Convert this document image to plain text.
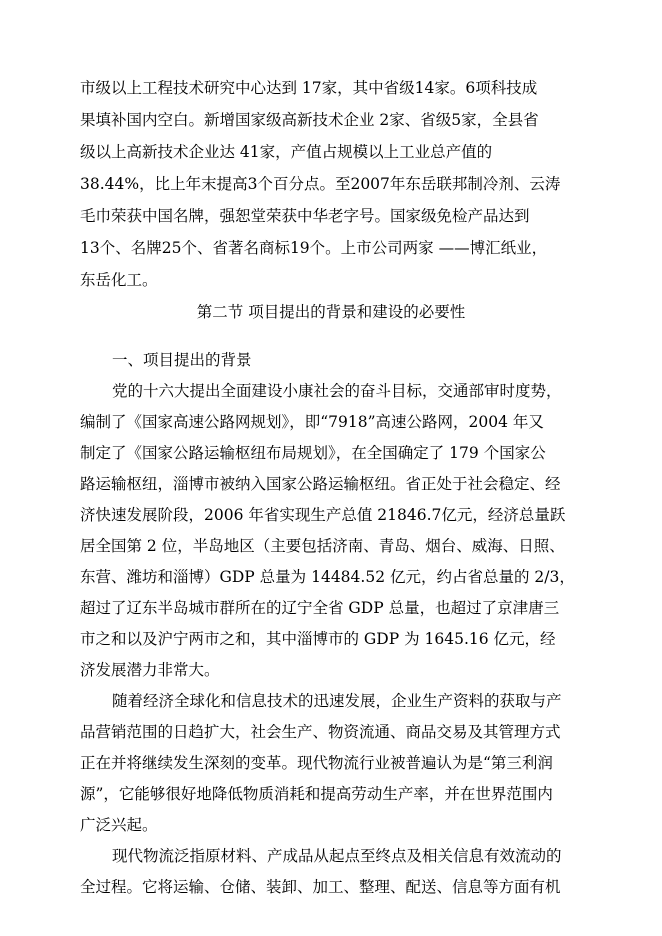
市级以上工程技术研究中心达到 17家，其中省级14家。6项科技成
果填补国内空白。新增国家级高新技术企业 2家、省级5家，全县省
级以上高新技术企业达 41家，产值占规模以上工业总产值的
38.44%，比上年末提高3个百分点。至2007年东岳联邦制冷剂、云涛
毛巾荣获中国名牌，强恕堂荣获中华老字号。国家级免检产品达到
13个、名牌25个、省著名商标19个。上市公司两家 ——博汇纸业，
东岳化工。
第二节 项目提出的背景和建设的必要性
一、项目提出的背景
党的十六大提出全面建设小康社会的奋斗目标，交通部审时度势，
编制了《国家高速公路网规划》，即“7918”高速公路网，2004 年又
制定了《国家公路运输枢纽布局规划》，在全国确定了 179 个国家公
路运输枢纽，淄博市被纳入国家公路运输枢纽。省正处于社会稳定、经
济快速发展阶段，2006 年省实现生产总值 21846.7亿元，经济总量跃
居全国第 2 位，半岛地区（主要包括济南、青岛、烟台、威海、日照、
东营、潍坊和淄博）GDP 总量为 14484.52 亿元，约占省总量的 2/3，
超过了辽东半岛城市群所在的辽宁全省 GDP 总量，也超过了京津唐三
市之和以及沪宁两市之和，其中淄博市的 GDP 为 1645.16 亿元，经
济发展潜力非常大。
随着经济全球化和信息技术的迅速发展，企业生产资料的获取与产
品营销范围的日趋扩大，社会生产、物资流通、商品交易及其管理方式
正在并将继续发生深刻的变革。现代物流行业被普遍认为是“第三利润
源”，它能够很好地降低物质消耗和提高劳动生产率，并在世界范围内
广泛兴起。
现代物流泛指原材料、产成品从起点至终点及相关信息有效流动的
全过程。它将运输、仓储、装卸、加工、整理、配送、信息等方面有机
